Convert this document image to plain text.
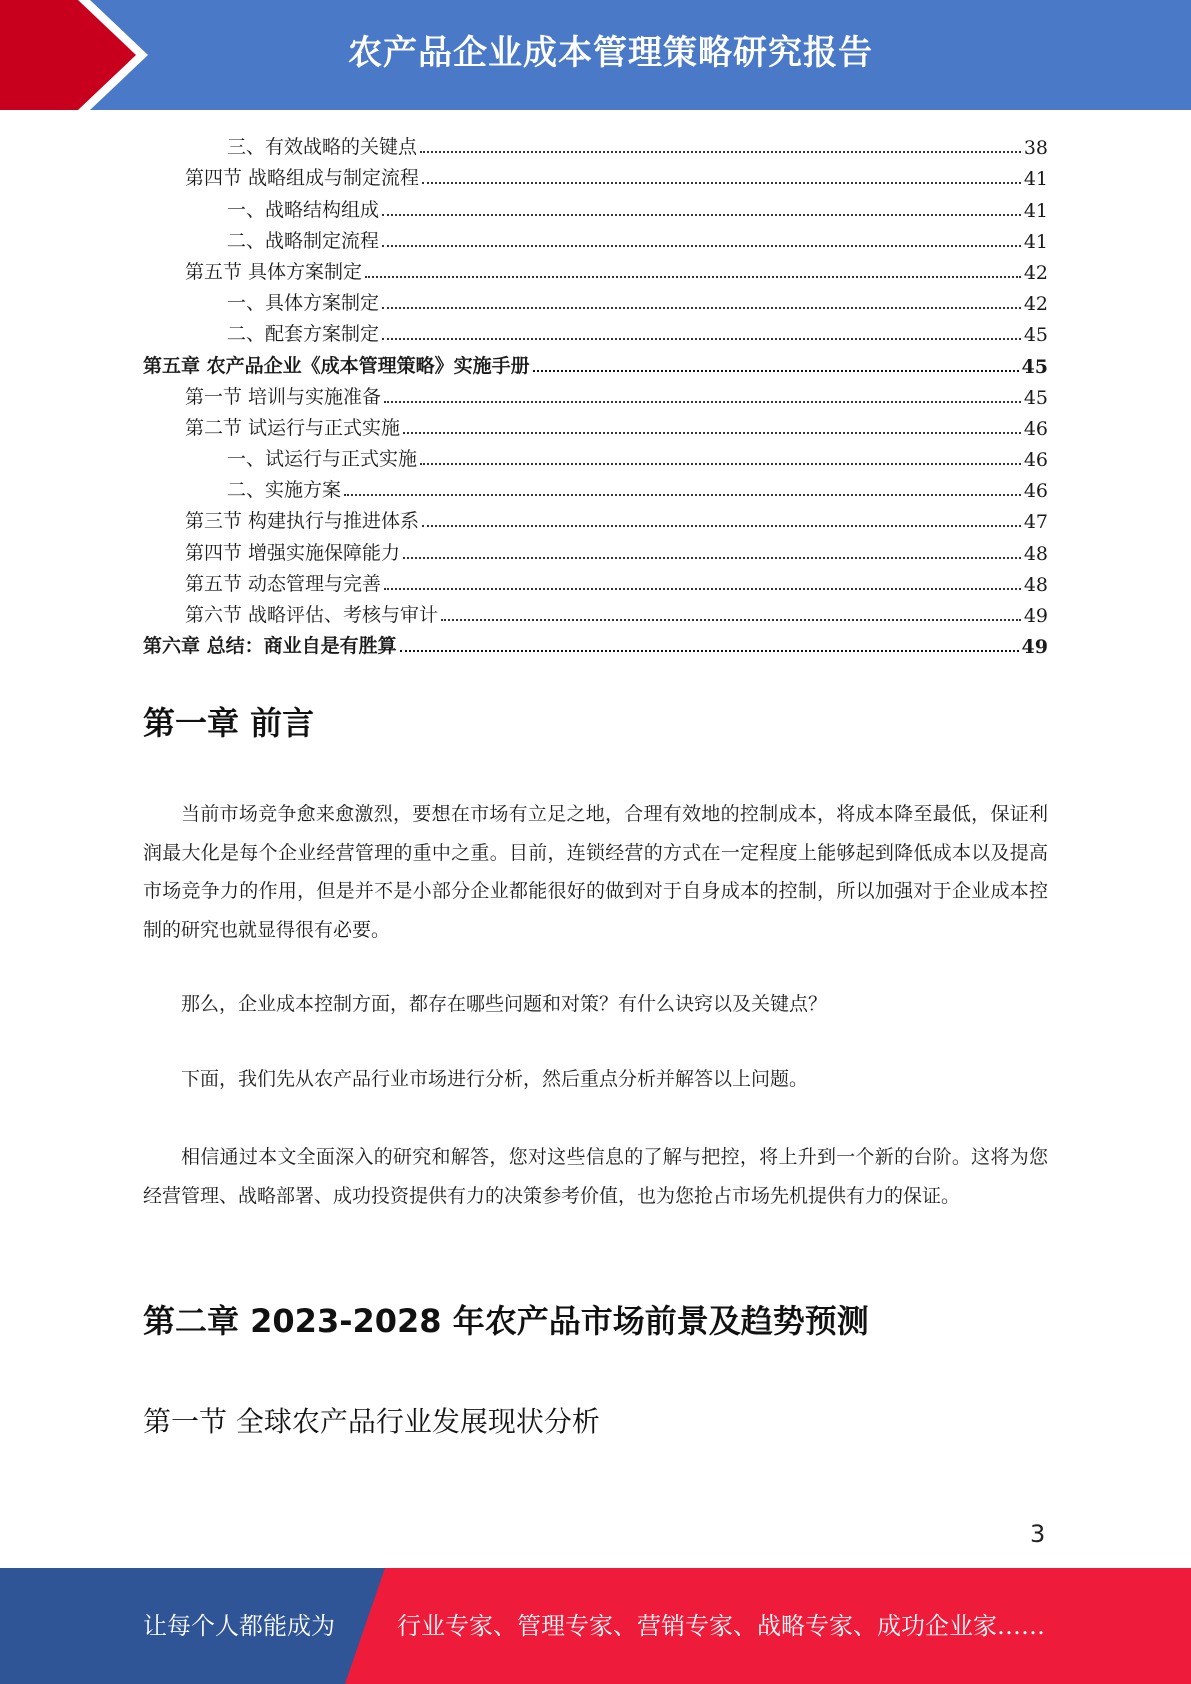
农产品企业成本管理策略研究报告
三、有效战略的关键点	38
第四节 战略组成与制定流程	41
一、战略结构组成	41
二、战略制定流程	41
第五节 具体方案制定	42
一、具体方案制定	42
二、配套方案制定	45
第五章 农产品企业《成本管理策略》实施手册	45
第一节 培训与实施准备	45
第二节 试运行与正式实施	46
一、试运行与正式实施	46
二、实施方案	46
第三节 构建执行与推进体系	47
第四节 增强实施保障能力	48
第五节 动态管理与完善	48
第六节 战略评估、考核与审计	49
第六章 总结：商业自是有胜算	49
第一章 前言

当前市场竞争愈来愈激烈，要想在市场有立足之地，合理有效地的控制成本，将成本降至最低，保证利润最大化是每个企业经营管理的重中之重。目前，连锁经营的方式在一定程度上能够起到降低成本以及提高市场竞争力的作用，但是并不是小部分企业都能很好的做到对于自身成本的控制，所以加强对于企业成本控制的研究也就显得很有必要。

那么，企业成本控制方面，都存在哪些问题和对策？有什么诀窍以及关键点？

下面，我们先从农产品行业市场进行分析，然后重点分析并解答以上问题。

相信通过本文全面深入的研究和解答，您对这些信息的了解与把控，将上升到一个新的台阶。这将为您经营管理、战略部署、成功投资提供有力的决策参考价值，也为您抢占市场先机提供有力的保证。

第二章 2023-2028 年农产品市场前景及趋势预测
第一节 全球农产品行业发展现状分析
3
让每个人都能成为	行业专家、管理专家、营销专家、战略专家、成功企业家……
